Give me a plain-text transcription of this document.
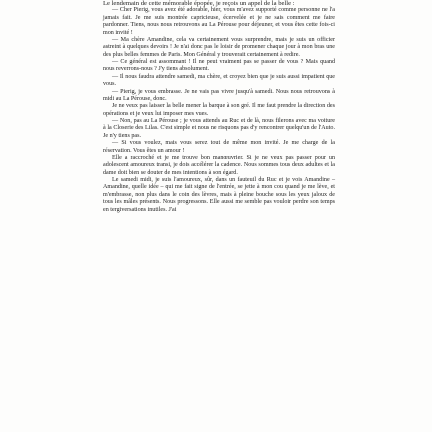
Le lendemain de cette mémorable épopée, je reçois un appel de la belle :

— Cher Pierig, vous avez été adorable, hier, vous m'avez supporté comme personne ne l'a jamais fait. Je me suis montrée capricieuse, écervelée et je ne sais comment me faire pardonner. Tiens, nous nous retrouvons au La Pérouse pour déjeuner, et vous êtes cette fois-ci mon invité !

— Ma chère Amandine, cela va certainement vous surprendre, mais je suis un officier astreint à quelques devoirs ! Je n'ai donc pas le loisir de promener chaque jour à mon bras une des plus belles femmes de Paris. Mon Général y trouverait certainement à redire.

— Ce général est assommant ! Il ne peut vraiment pas se passer de vous ? Mais quand nous reverrons-nous ? J'y tiens absolument.

— Il nous faudra attendre samedi, ma chère, et croyez bien que je suis aussi impatient que vous.

— Pierig, je vous embrasse. Je ne vais pas vivre jusqu'à samedi. Nous nous retrouvons à midi au La Pérouse, donc.

Je ne veux pas laisser la belle mener la barque à son gré. Il me faut prendre la direction des opérations et je veux lui imposer mes vues.

— Non, pas au La Pérouse ; je vous attends au Ruc et de là, nous filerons avec ma voiture à la Closerie des Lilas. C'est simple et nous ne risquons pas d'y rencontrer quelqu'un de l'Auto. Je n'y tiens pas.

— Si vous voulez, mais vous serez tout de même mon invité. Je me charge de la réservation. Vous êtes un amour !

Elle a raccroché et je me trouve bon manœuvrier. Si je ne veux pas passer pour un adolescent amoureux transi, je dois accélérer la cadence. Nous sommes tous deux adultes et la dame doit bien se douter de mes intentions à son égard.

Le samedi midi, je suis l'amoureux, sûr, dans un fauteuil du Ruc et je vois Amandine – Amandine, quelle idée – qui me fait signe de l'entrée, se jette à mon cou quand je me lève, et m'embrasse, non plus dans le coin des lèvres, mais à pleine bouche sous les yeux jaloux de tous les mâles présents. Nous progressons. Elle aussi me semble pas vouloir perdre son temps en tergiversations inutiles. J'ai
